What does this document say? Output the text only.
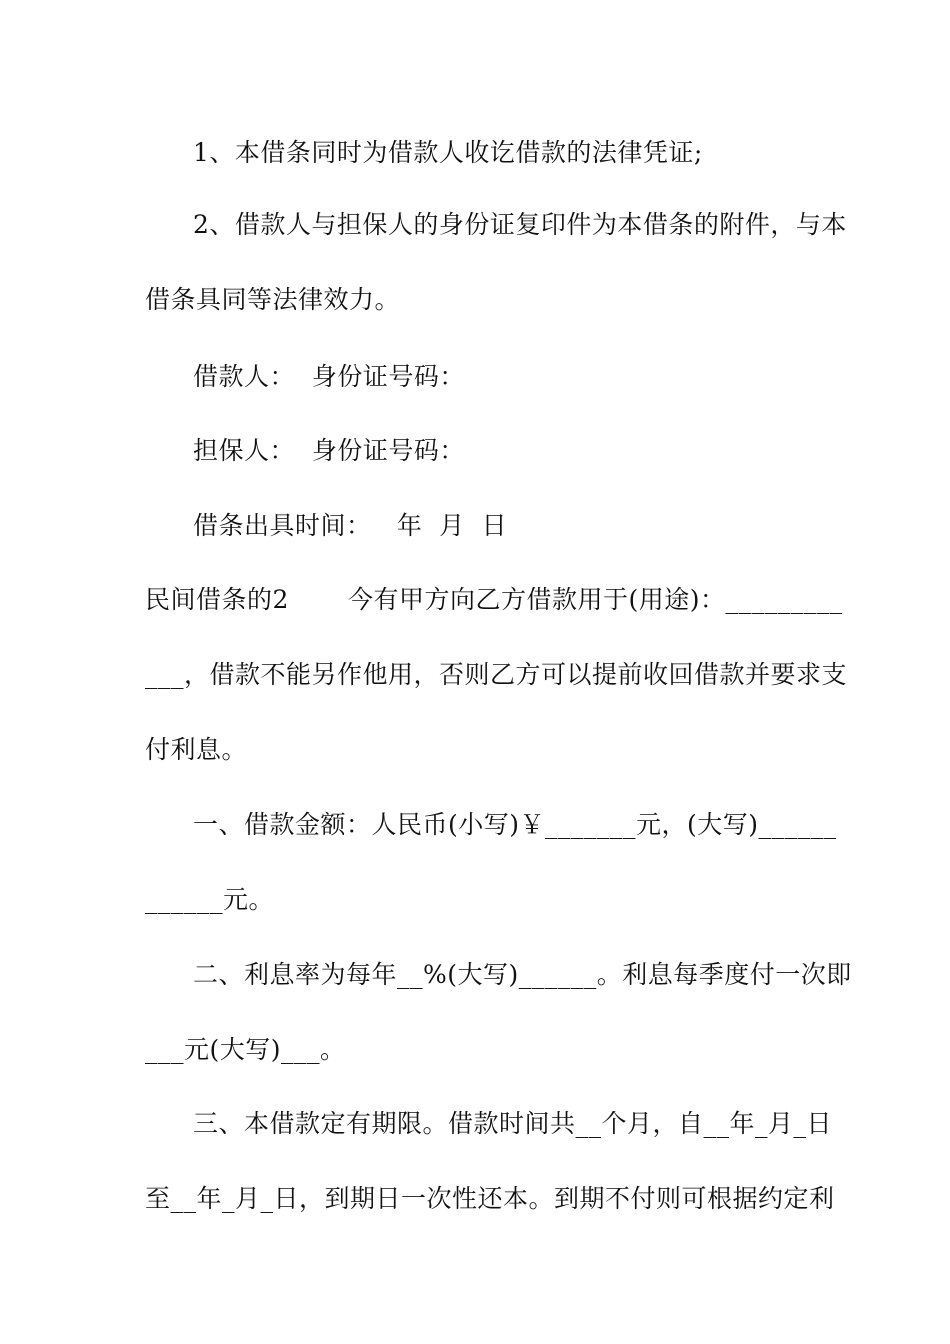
1、本借条同时为借款人收讫借款的法律凭证;
2、借款人与担保人的身份证复印件为本借条的附件，与本
借条具同等法律效力。
借款人：  身份证号码：
担保人：  身份证号码：
借条出具时间：   年  月  日
民间借条的2       今有甲方向乙方借款用于(用途)：_________
___，借款不能另作他用，否则乙方可以提前收回借款并要求支
付利息。
一、借款金额：人民币(小写)￥_______元，(大写)______
______元。
二、利息率为每年__%(大写)______。利息每季度付一次即
___元(大写)___。
三、本借款定有期限。借款时间共__个月，自__年_月_日
至__年_月_日，到期日一次性还本。到期不付则可根据约定利
